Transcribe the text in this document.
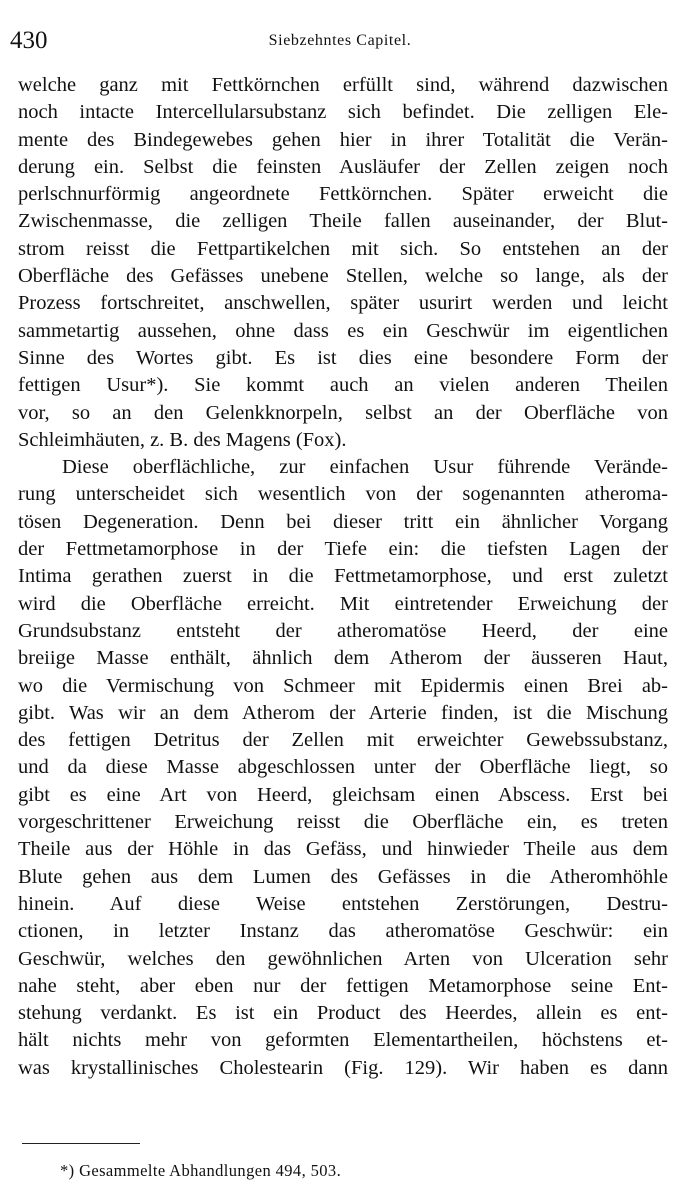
430	Siebzehntes Capitel.
welche ganz mit Fettkörnchen erfüllt sind, während dazwischen
noch intacte Intercellularsubstanz sich befindet. Die zelligen Ele-
mente des Bindegewebes gehen hier in ihrer Totalität die Verän-
derung ein. Selbst die feinsten Ausläufer der Zellen zeigen noch
perlschnurförmig angeordnete Fettkörnchen. Später erweicht die
Zwischenmasse, die zelligen Theile fallen auseinander, der Blut-
strom reisst die Fettpartikelchen mit sich. So entstehen an der
Oberfläche des Gefässes unebene Stellen, welche so lange, als der
Prozess fortschreitet, anschwellen, später usurirt werden und leicht
sammetartig aussehen, ohne dass es ein Geschwür im eigentlichen
Sinne des Wortes gibt. Es ist dies eine besondere Form der
fettigen Usur*). Sie kommt auch an vielen anderen Theilen
vor, so an den Gelenkknorpeln, selbst an der Oberfläche von
Schleimhäuten, z. B. des Magens (Fox).
Diese oberflächliche, zur einfachen Usur führende Verände-
rung unterscheidet sich wesentlich von der sogenannten atheroma-
tösen Degeneration. Denn bei dieser tritt ein ähnlicher Vorgang
der Fettmetamorphose in der Tiefe ein: die tiefsten Lagen der
Intima gerathen zuerst in die Fettmetamorphose, und erst zuletzt
wird die Oberfläche erreicht. Mit eintretender Erweichung der
Grundsubstanz entsteht der atheromatöse Heerd, der eine
breiige Masse enthält, ähnlich dem Atherom der äusseren Haut,
wo die Vermischung von Schmeer mit Epidermis einen Brei ab-
gibt. Was wir an dem Atherom der Arterie finden, ist die Mischung
des fettigen Detritus der Zellen mit erweichter Gewebssubstanz,
und da diese Masse abgeschlossen unter der Oberfläche liegt, so
gibt es eine Art von Heerd, gleichsam einen Abscess. Erst bei
vorgeschrittener Erweichung reisst die Oberfläche ein, es treten
Theile aus der Höhle in das Gefäss, und hinwieder Theile aus dem
Blute gehen aus dem Lumen des Gefässes in die Atheromhöhle
hinein. Auf diese Weise entstehen Zerstörungen, Destru-
ctionen, in letzter Instanz das atheromatöse Geschwür: ein
Geschwür, welches den gewöhnlichen Arten von Ulceration sehr
nahe steht, aber eben nur der fettigen Metamorphose seine Ent-
stehung verdankt. Es ist ein Product des Heerdes, allein es ent-
hält nichts mehr von geformten Elementartheilen, höchstens et-
was krystallinisches Cholestearin (Fig. 129). Wir haben es dann
*) Gesammelte Abhandlungen 494, 503.
